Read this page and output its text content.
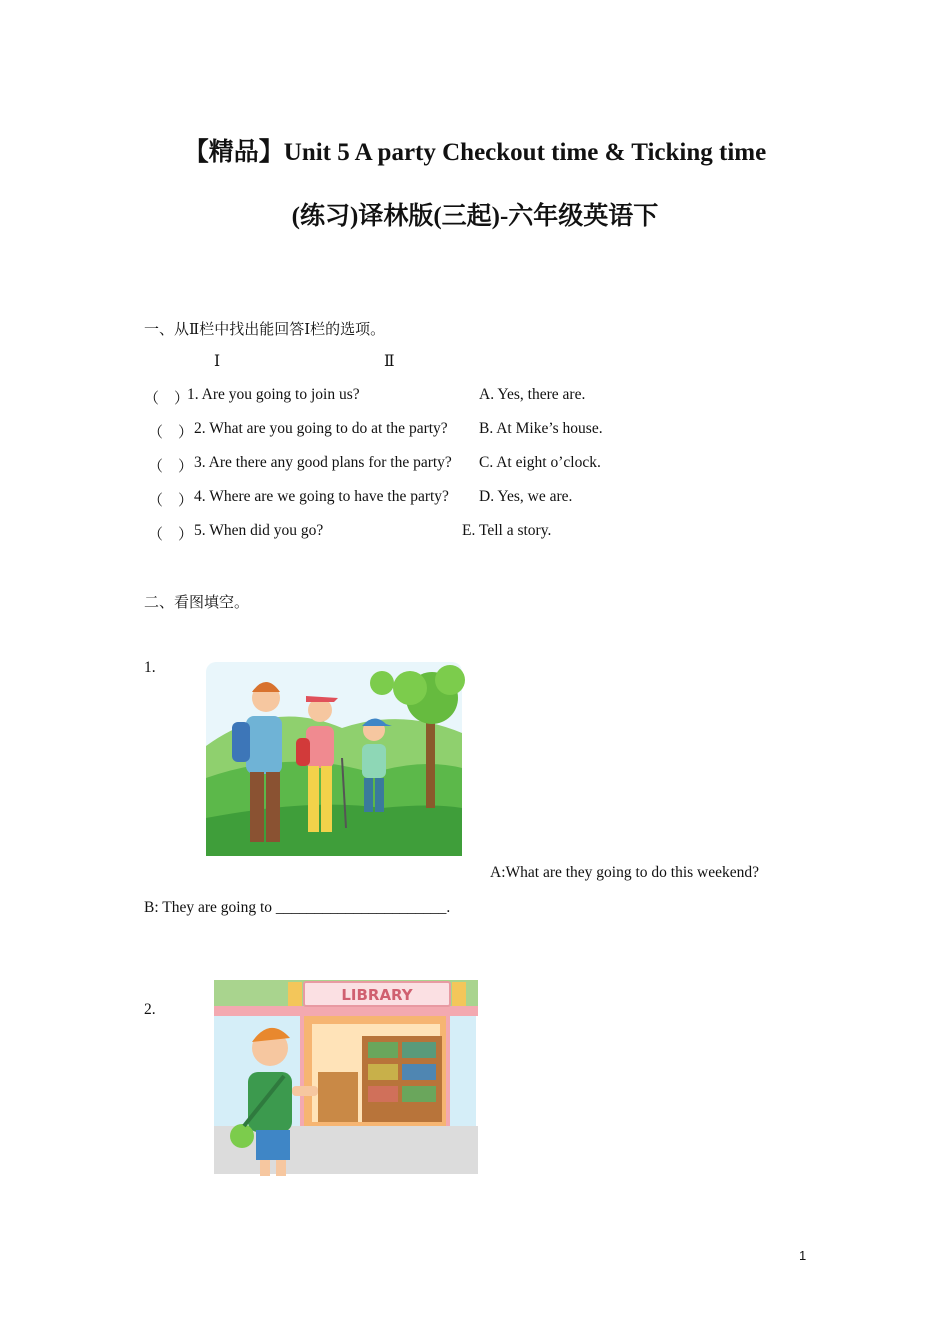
【精品】Unit 5 A party Checkout time & Ticking time
(练习)译林版(三起)-六年级英语下
一、从Ⅱ栏中找出能回答Ⅰ栏的选项。
Ⅰ	Ⅱ
（　）
1. Are you going to join us?	A. Yes, there are.
（　） 2. What are you going to do at the party? B. At Mike’s house.
（　） 3. Are there any good plans for the party? C. At eight o’clock.
（　） 4. Where are we going to have the party? D. Yes, we are.
（　） 5. When did you go?	E. Tell a story.
二、看图填空。
1.
A:What are they going to do this weekend?
B: They are going to ______________________.
2.
LIBRARY
1
